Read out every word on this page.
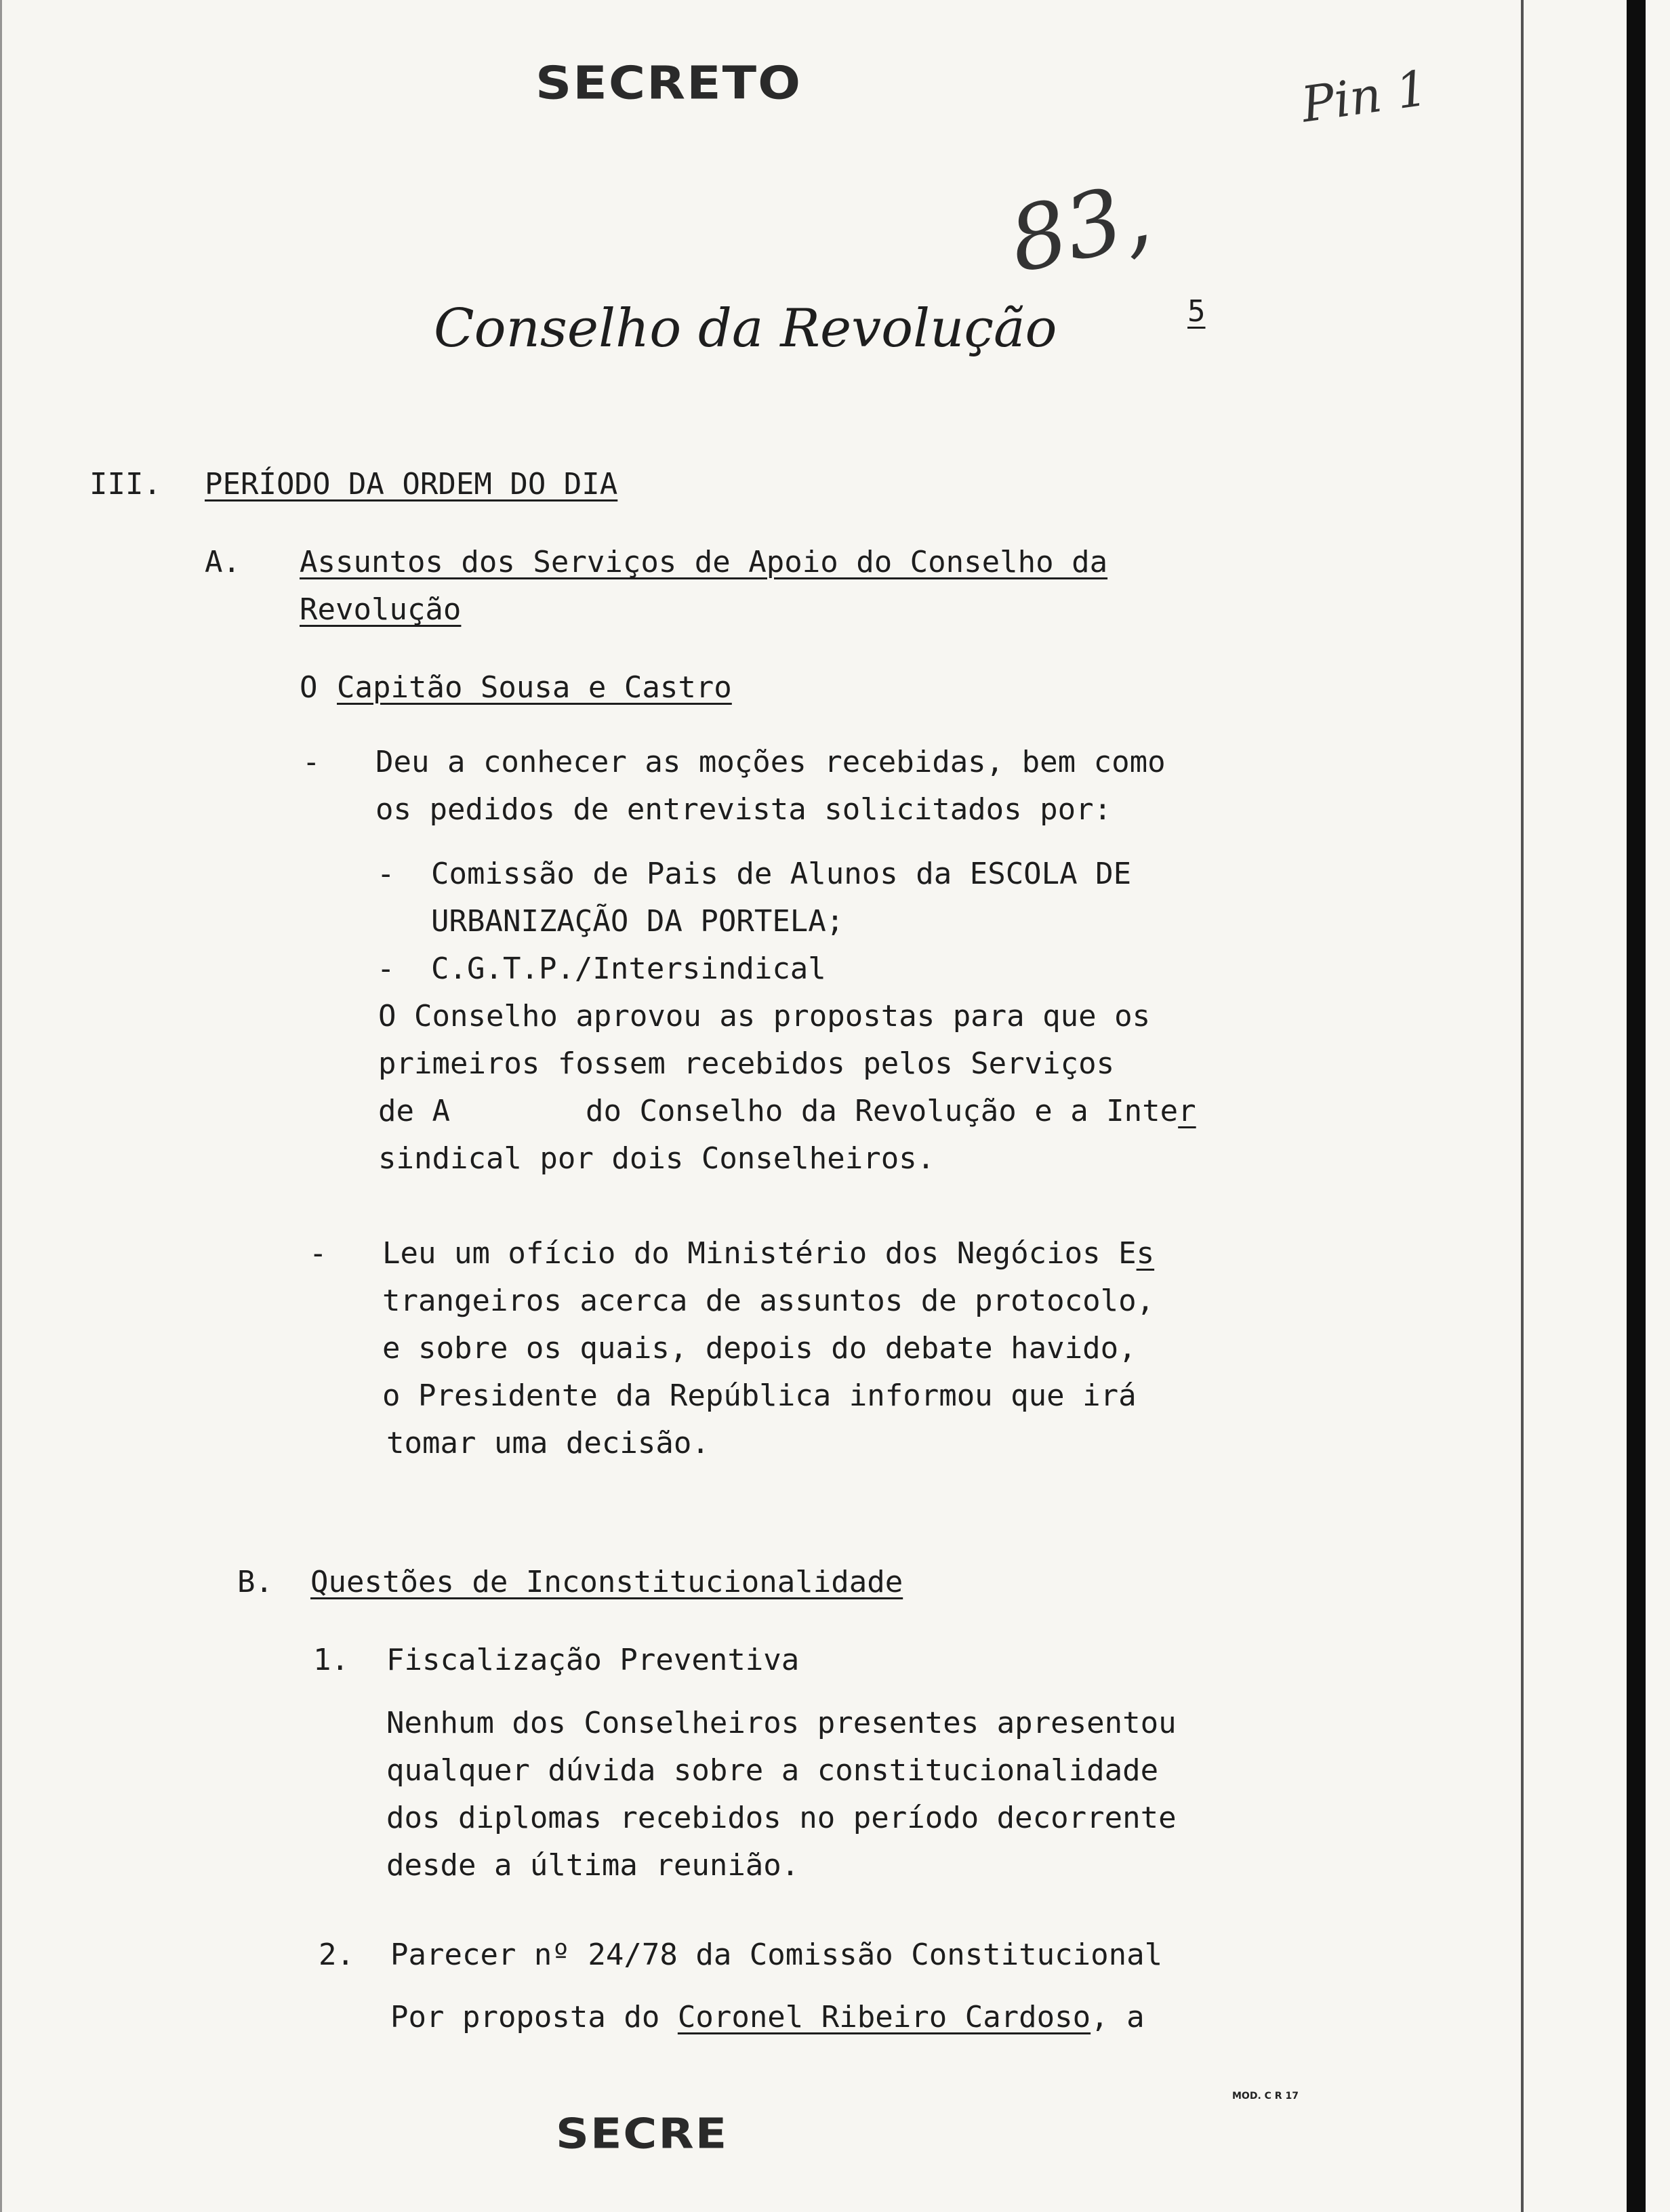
SECRETO	Pin 1
83,
Conselho da Revolução	5
III. PERÍODO DA ORDEM DO DIA
A. Assuntos dos Serviços de Apoio do Conselho da
Revolução
O Capitão Sousa e Castro
- Deu a conhecer as moções recebidas, bem como
os pedidos de entrevista solicitados por:
- Comissão de Pais de Alunos da ESCOLA DE
URBANIZAÇÃO DA PORTELA;
- C.G.T.P./Intersindical
O Conselho aprovou as propostas para que os
primeiros fossem recebidos pelos Serviços
de A	do Conselho da Revolução e a Inter
sindical por dois Conselheiros.
- Leu um ofício do Ministério dos Negócios Es
trangeiros acerca de assuntos de protocolo,
e sobre os quais, depois do debate havido,
o Presidente da República informou que irá
tomar uma decisão.
B. Questões de Inconstitucionalidade
1. Fiscalização Preventiva
Nenhum dos Conselheiros presentes apresentou
qualquer dúvida sobre a constitucionalidade
dos diplomas recebidos no período decorrente
desde a última reunião.
2. Parecer nº 24/78 da Comissão Constitucional
Por proposta do Coronel Ribeiro Cardoso, a
MOD. C R 17
SECRE
